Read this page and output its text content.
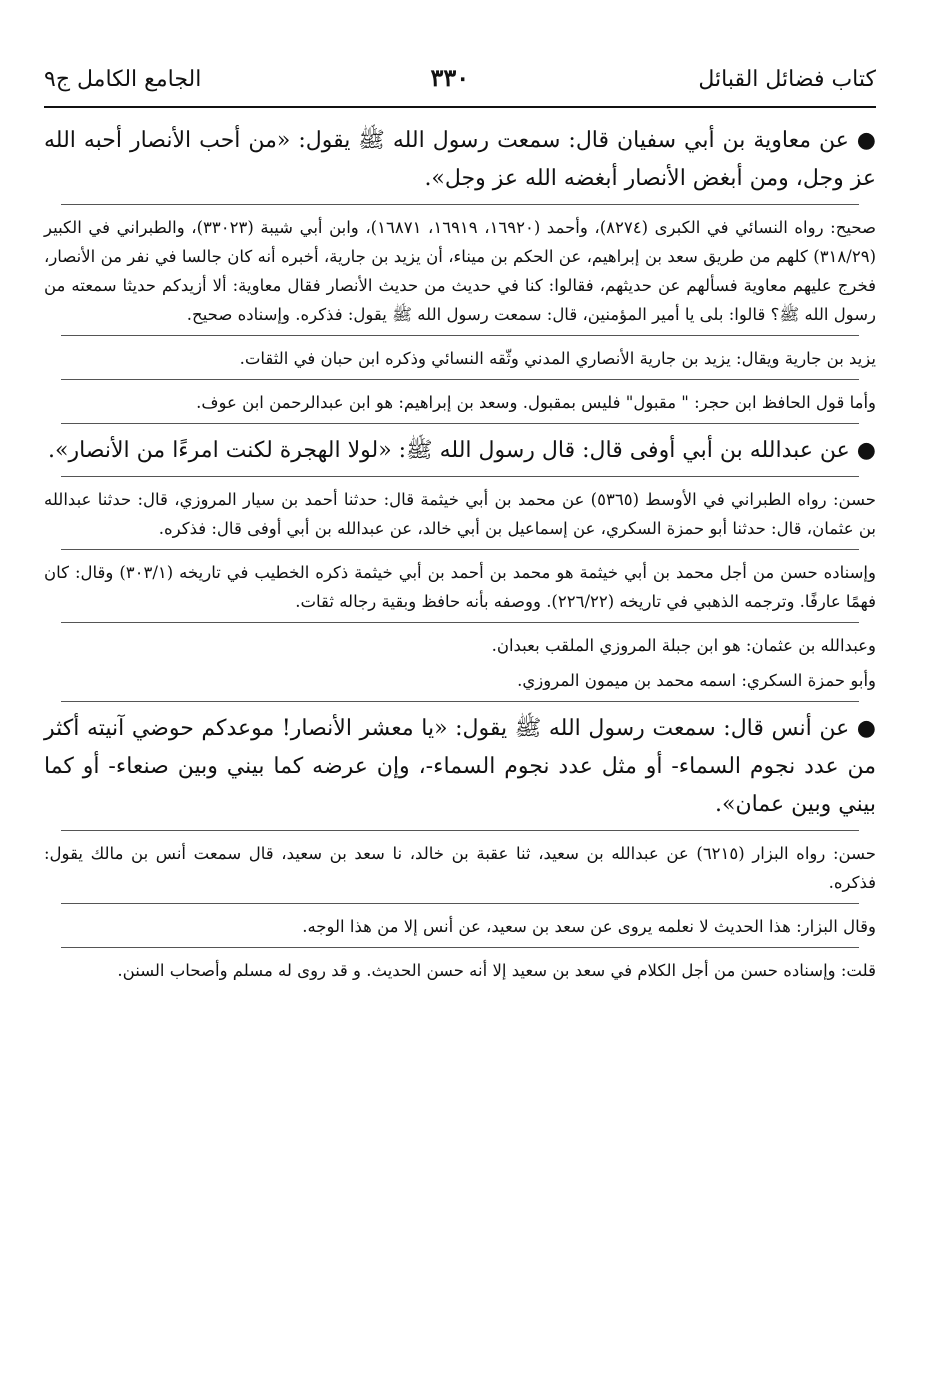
كتاب فضائل القبائل
٣٣٠
الجامع الكامل ج٩

● عن معاوية بن أبي سفيان قال: سمعت رسول الله ﷺ يقول: «من أحب الأنصار أحبه الله عز وجل، ومن أبغض الأنصار أبغضه الله عز وجل».

صحيح: رواه النسائي في الكبرى (٨٢٧٤)، وأحمد (١٦٩٢٠، ١٦٩١٩، ١٦٨٧١)، وابن أبي شيبة (٣٣٠٢٣)، والطبراني في الكبير (٣١٨/٢٩) كلهم من طريق سعد بن إبراهيم، عن الحكم بن ميناء، أن يزيد بن جارية، أخبره أنه كان جالسا في نفر من الأنصار، فخرج عليهم معاوية فسألهم عن حديثهم، فقالوا: كنا في حديث من حديث الأنصار فقال معاوية: ألا أزيدكم حديثا سمعته من رسول الله ﷺ؟ قالوا: بلى يا أمير المؤمنين، قال: سمعت رسول الله ﷺ يقول: فذكره. وإسناده صحيح.

يزيد بن جارية ويقال: يزيد بن جارية الأنصاري المدني وثّقه النسائي وذكره ابن حبان في الثقات.

وأما قول الحافظ ابن حجر: " مقبول" فليس بمقبول. وسعد بن إبراهيم: هو ابن عبدالرحمن ابن عوف.

● عن عبدالله بن أبي أوفى قال: قال رسول الله ﷺ: «لولا الهجرة لكنت امرءًا من الأنصار».

حسن: رواه الطبراني في الأوسط (٥٣٦٥) عن محمد بن أبي خيثمة قال: حدثنا أحمد بن سيار المروزي، قال: حدثنا عبدالله بن عثمان، قال: حدثنا أبو حمزة السكري، عن إسماعيل بن أبي خالد، عن عبدالله بن أبي أوفى قال: فذكره.

وإسناده حسن من أجل محمد بن أبي خيثمة هو محمد بن أحمد بن أبي خيثمة ذكره الخطيب في تاريخه (٣٠٣/١) وقال: كان فهمًا عارفًا. وترجمه الذهبي في تاريخه (٢٢٦/٢٢). ووصفه بأنه حافظ وبقية رجاله ثقات.

وعبدالله بن عثمان: هو ابن جبلة المروزي الملقب بعبدان.

وأبو حمزة السكري: اسمه محمد بن ميمون المروزي.

● عن أنس قال: سمعت رسول الله ﷺ يقول: «يا معشر الأنصار! موعدكم حوضي آنيته أكثر من عدد نجوم السماء- أو مثل عدد نجوم السماء-، وإن عرضه كما بيني وبين صنعاء- أو كما بيني وبين عمان».

حسن: رواه البزار (٦٢١٥) عن عبدالله بن سعيد، ثنا عقبة بن خالد، نا سعد بن سعيد، قال سمعت أنس بن مالك يقول: فذكره.

وقال البزار: هذا الحديث لا نعلمه يروى عن سعد بن سعيد، عن أنس إلا من هذا الوجه.

قلت: وإسناده حسن من أجل الكلام في سعد بن سعيد إلا أنه حسن الحديث. و قد روى له مسلم وأصحاب السنن.
